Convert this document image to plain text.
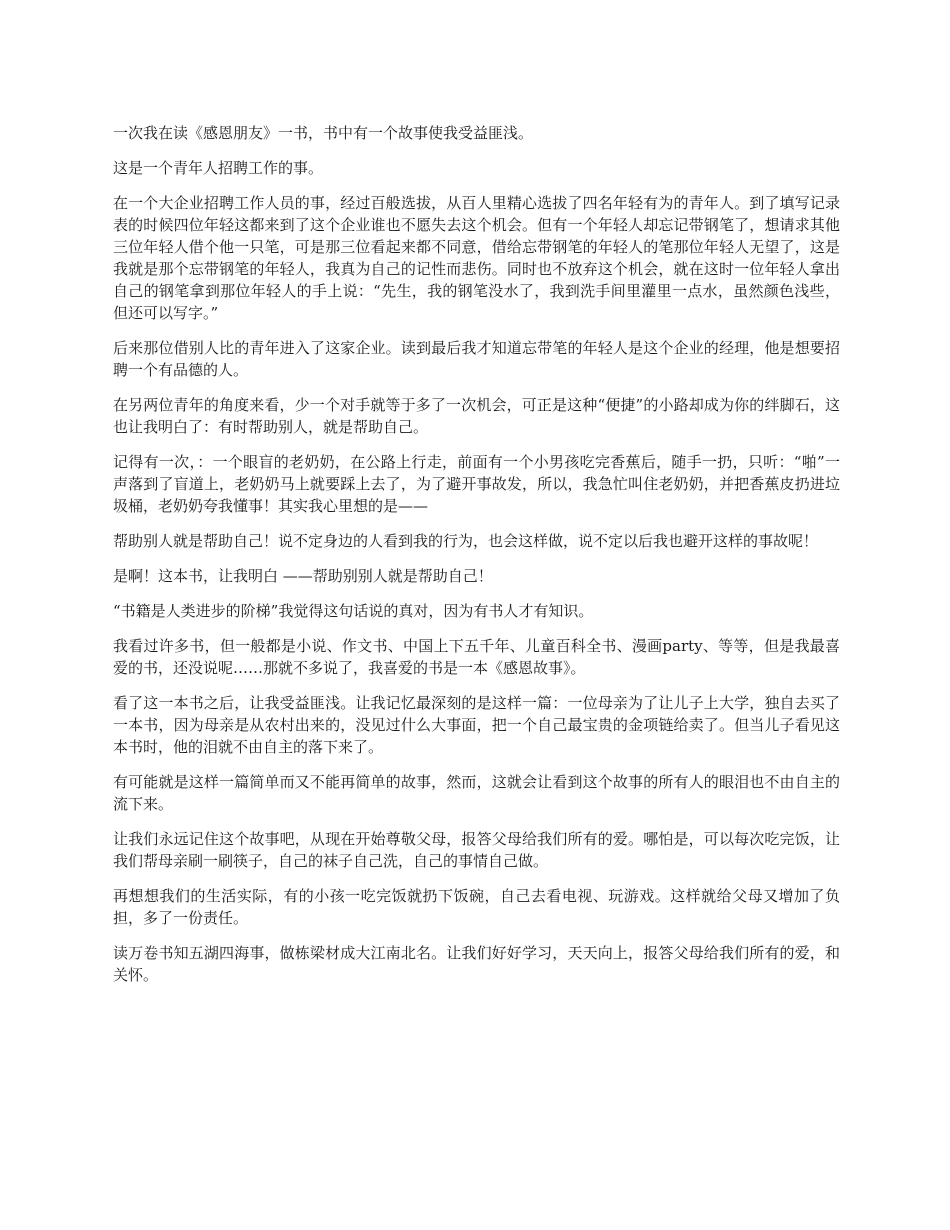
一次我在读《感恩朋友》一书，书中有一个故事使我受益匪浅。

这是一个青年人招聘工作的事。

在一个大企业招聘工作人员的事，经过百般选拔，从百人里精心选拔了四名年轻有为的青年人。到了填写记录表的时候四位年轻这都来到了这个企业谁也不愿失去这个机会。但有一个年轻人却忘记带钢笔了，想请求其他三位年轻人借个他一只笔，可是那三位看起来都不同意，借给忘带钢笔的年轻人的笔那位年轻人无望了，这是我就是那个忘带钢笔的年轻人，我真为自己的记性而悲伤。同时也不放弃这个机会，就在这时一位年轻人拿出自己的钢笔拿到那位年轻人的手上说：“先生，我的钢笔没水了，我到洗手间里灌里一点水，虽然颜色浅些，但还可以写字。”

后来那位借别人比的青年进入了这家企业。读到最后我才知道忘带笔的年轻人是这个企业的经理，他是想要招聘一个有品德的人。

在另两位青年的角度来看，少一个对手就等于多了一次机会，可正是这种“便捷”的小路却成为你的绊脚石，这也让我明白了：有时帮助别人，就是帮助自己。

记得有一次，：一个眼盲的老奶奶，在公路上行走，前面有一个小男孩吃完香蕉后，随手一扔，只听：“啪”一声落到了盲道上，老奶奶马上就要踩上去了，为了避开事故发，所以，我急忙叫住老奶奶，并把香蕉皮扔进垃圾桶，老奶奶夸我懂事！其实我心里想的是——

帮助别人就是帮助自己！说不定身边的人看到我的行为，也会这样做，说不定以后我也避开这样的事故呢！

是啊！这本书，让我明白 ——帮助别别人就是帮助自己！

“书籍是人类进步的阶梯”我觉得这句话说的真对，因为有书人才有知识。

我看过许多书，但一般都是小说、作文书、中国上下五千年、儿童百科全书、漫画party、等等，但是我最喜爱的书，还没说呢……那就不多说了，我喜爱的书是一本《感恩故事》。

看了这一本书之后，让我受益匪浅。让我记忆最深刻的是这样一篇：一位母亲为了让儿子上大学，独自去买了一本书，因为母亲是从农村出来的，没见过什么大事面，把一个自己最宝贵的金项链给卖了。但当儿子看见这本书时，他的泪就不由自主的落下来了。

有可能就是这样一篇简单而又不能再简单的故事，然而，这就会让看到这个故事的所有人的眼泪也不由自主的流下来。

让我们永远记住这个故事吧，从现在开始尊敬父母，报答父母给我们所有的爱。哪怕是，可以每次吃完饭，让我们帮母亲刷一刷筷子，自己的袜子自己洗，自己的事情自己做。

再想想我们的生活实际，有的小孩一吃完饭就扔下饭碗，自己去看电视、玩游戏。这样就给父母又增加了负担，多了一份责任。

读万卷书知五湖四海事，做栋梁材成大江南北名。让我们好好学习，天天向上，报答父母给我们所有的爱，和关怀。
